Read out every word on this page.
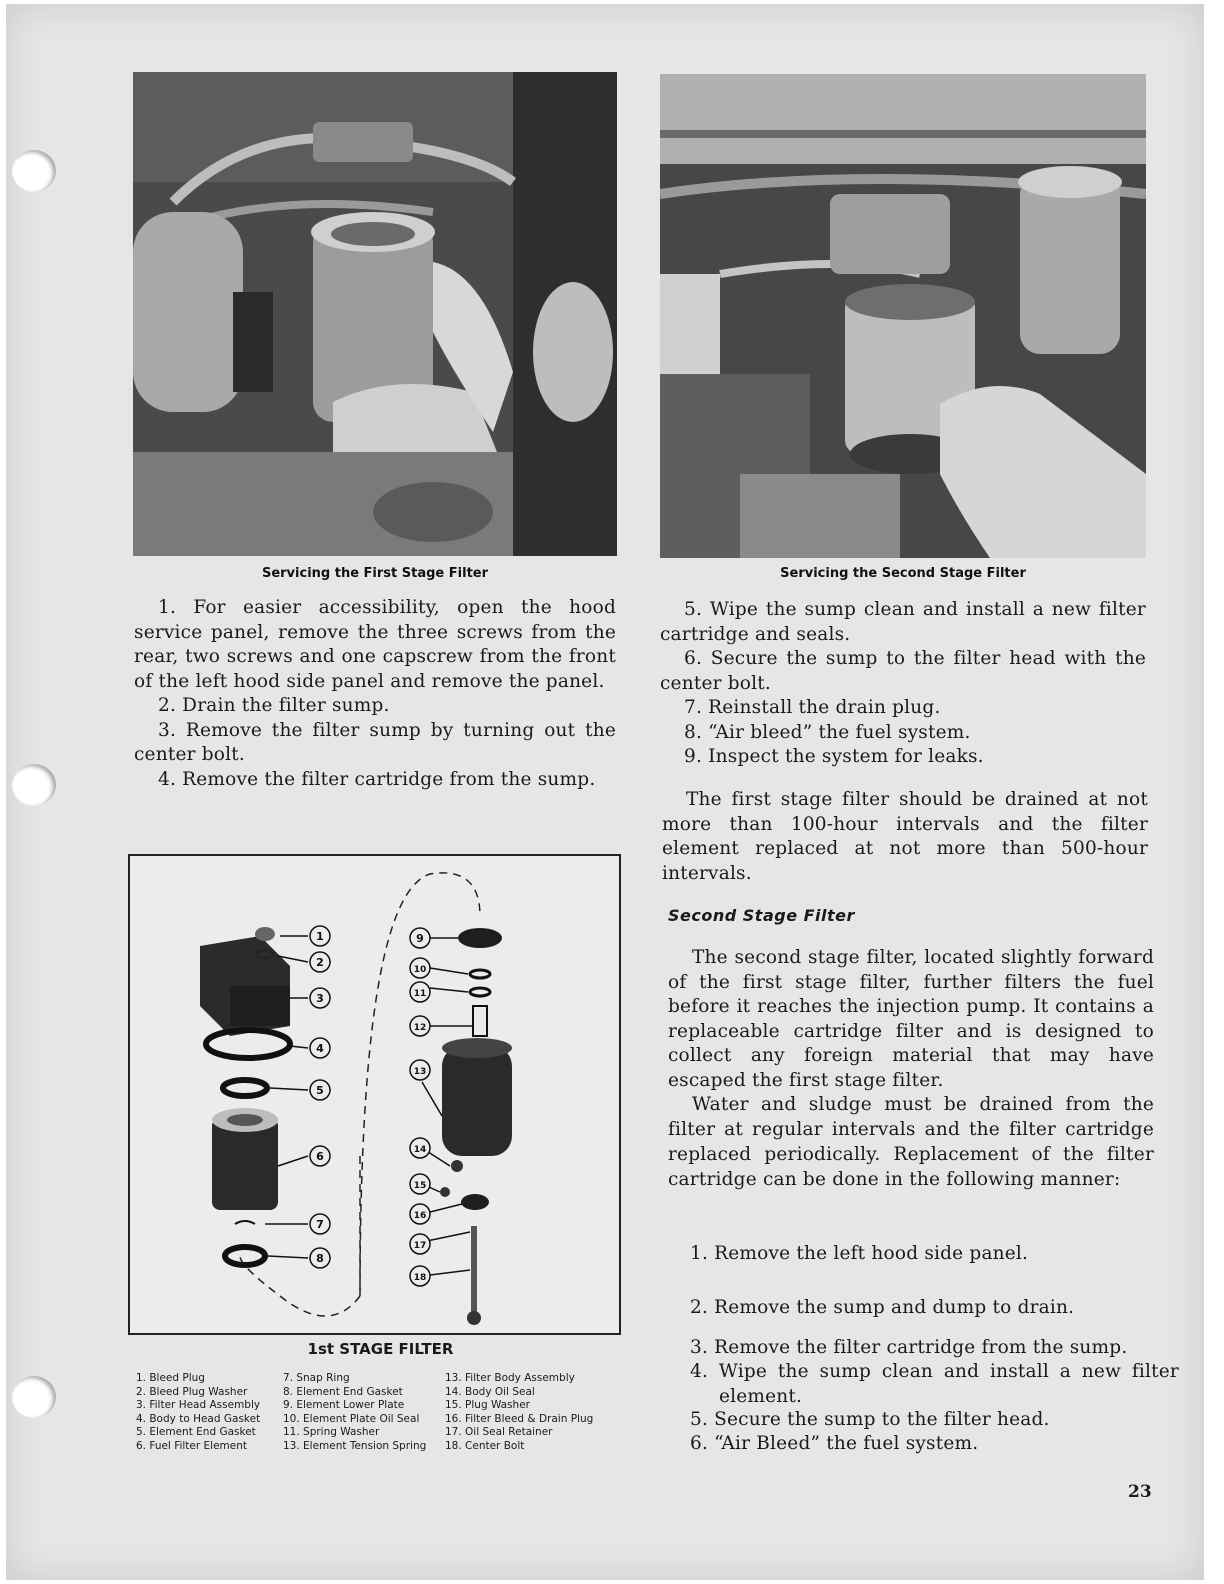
Servicing the First Stage Filter	Servicing the Second Stage Filter

1. For easier accessibility, open the hood service panel, remove the three screws from the rear, two screws and one capscrew from the front of the left hood side panel and remove the panel.

2. Drain the filter sump.

3. Remove the filter sump by turning out the center bolt.

4. Remove the filter cartridge from the sump.

5. Wipe the sump clean and install a new filter cartridge and seals.

6. Secure the sump to the filter head with the center bolt.

7. Reinstall the drain plug.

8. “Air bleed” the fuel system.

9. Inspect the system for leaks.

The first stage filter should be drained at not more than 100-hour intervals and the filter element replaced at not more than 500-hour intervals.
Second Stage Filter
The second stage filter, located slightly forward of the first stage filter, further filters the fuel before it reaches the injection pump. It contains a replaceable cartridge filter and is designed to collect any foreign material that may have escaped the first stage filter.
Water and sludge must be drained from the filter at regular intervals and the filter cartridge replaced periodically. Replacement of the filter cartridge can be done in the following manner:
1. Remove the left hood side panel.
2. Remove the sump and dump to drain.
3. Remove the filter cartridge from the sump.
4. Wipe the sump clean and install a new filter element.
5. Secure the sump to the filter head.
6. “Air Bleed” the fuel system.
1
2
3
4
5
6
7
8
9
10
11
12
13
14
15
16
17
18
1st STAGE FILTER
1. Bleed Plug
2. Bleed Plug Washer
3. Filter Head Assembly
4. Body to Head Gasket
5. Element End Gasket
6. Fuel Filter Element
7. Snap Ring
8. Element End Gasket
9. Element Lower Plate
10. Element Plate Oil Seal
11. Spring Washer
13. Element Tension Spring
13. Filter Body Assembly
14. Body Oil Seal
15. Plug Washer
16. Filter Bleed & Drain Plug
17. Oil Seal Retainer
18. Center Bolt
23
